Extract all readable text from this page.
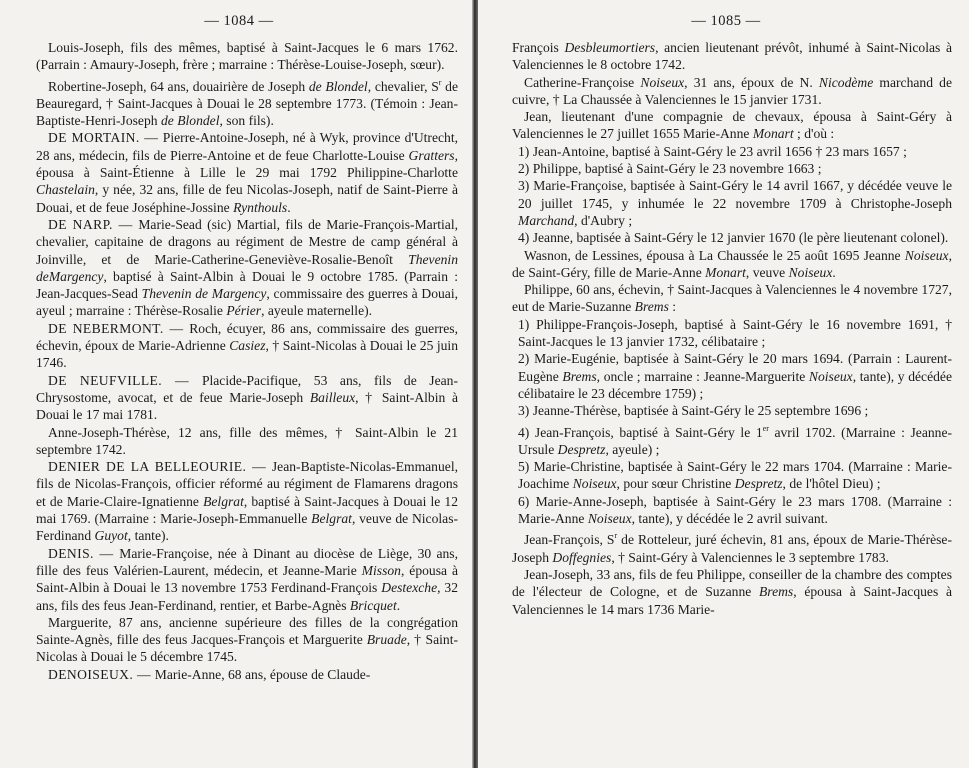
— 1084 —

Louis-Joseph, fils des mêmes, baptisé à Saint-Jacques le 6 mars 1762. (Parrain : Amaury-Joseph, frère ; marraine : Thérèse-Louise-Joseph, sœur).

Robertine-Joseph, 64 ans, douairière de Joseph de Blondel, chevalier, $S^r$ de Beauregard, † Saint-Jacques à Douai le 28 septembre 1773. (Témoin : Jean-Baptiste-Henri-Joseph de Blondel, son fils).

DE MORTAIN. — Pierre-Antoine-Joseph, né à Wyk, province d'Utrecht, 28 ans, médecin, fils de Pierre-Antoine et de feue Charlotte-Louise Gratters, épousa à Saint-Étienne à Lille le 29 mai 1792 Philippine-Charlotte Chastelain, y née, 32 ans, fille de feu Nicolas-Joseph, natif de Saint-Pierre à Douai, et de feue Joséphine-Jossine Rynthouls.

DE NARP. — Marie-Sead (sic) Martial, fils de Marie-François-Martial, chevalier, capitaine de dragons au régiment de Mestre de camp général à Joinville, et de Marie-Catherine-Geneviève-Rosalie-Benoît Thevenin deMargency, baptisé à Saint-Albin à Douai le 9 octobre 1785. (Parrain : Jean-Jacques-Sead Thevenin de Margency, commissaire des guerres à Douai, ayeul ; marraine : Thérèse-Rosalie Périer, ayeule maternelle).

DE NEBERMONT. — Roch, écuyer, 86 ans, commissaire des guerres, échevin, époux de Marie-Adrienne Casiez, † Saint-Nicolas à Douai le 25 juin 1746.

DE NEUFVILLE. — Placide-Pacifique, 53 ans, fils de Jean-Chrysostome, avocat, et de feue Marie-Joseph Bailleux, † Saint-Albin à Douai le 17 mai 1781.

Anne-Joseph-Thérèse, 12 ans, fille des mêmes, † Saint-Albin le 21 septembre 1742.

DENIER DE LA BELLEOURIE. — Jean-Baptiste-Nicolas-Emmanuel, fils de Nicolas-François, officier réformé au régiment de Flamarens dragons et de Marie-Claire-Ignatienne Belgrat, baptisé à Saint-Jacques à Douai le 12 mai 1769. (Marraine : Marie-Joseph-Emmanuelle Belgrat, veuve de Nicolas-Ferdinand Guyot, tante).

DENIS. — Marie-Françoise, née à Dinant au diocèse de Liège, 30 ans, fille des feus Valérien-Laurent, médecin, et Jeanne-Marie Misson, épousa à Saint-Albin à Douai le 13 novembre 1753 Ferdinand-François Destexche, 32 ans, fils des feus Jean-Ferdinand, rentier, et Barbe-Agnès Bricquet.

Marguerite, 87 ans, ancienne supérieure des filles de la congrégation Sainte-Agnès, fille des feus Jacques-François et Marguerite Bruade, † Saint-Nicolas à Douai le 5 décembre 1745.

DENOISEUX. — Marie-Anne, 68 ans, épouse de Claude-

— 1085 —

François Desbleumortiers, ancien lieutenant prévôt, inhumé à Saint-Nicolas à Valenciennes le 8 octobre 1742.

Catherine-Françoise Noiseux, 31 ans, époux de N. Nicodème marchand de cuivre, † La Chaussée à Valenciennes le 15 janvier 1731.

Jean, lieutenant d'une compagnie de chevaux, épousa à Saint-Géry à Valenciennes le 27 juillet 1655 Marie-Anne Monart ; d'où :

1) Jean-Antoine, baptisé à Saint-Géry le 23 avril 1656 † 23 mars 1657 ;

2) Philippe, baptisé à Saint-Géry le 23 novembre 1663 ;

3) Marie-Françoise, baptisée à Saint-Géry le 14 avril 1667, y décédée veuve le 20 juillet 1745, y inhumée le 22 novembre 1709 à Christophe-Joseph Marchand, d'Aubry ;

4) Jeanne, baptisée à Saint-Géry le 12 janvier 1670 (le père lieutenant colonel).

Wasnon, de Lessines, épousa à La Chaussée le 25 août 1695 Jeanne Noiseux, de Saint-Géry, fille de Marie-Anne Monart, veuve Noiseux.

Philippe, 60 ans, échevin, † Saint-Jacques à Valenciennes le 4 novembre 1727, eut de Marie-Suzanne Brems :

1) Philippe-François-Joseph, baptisé à Saint-Géry le 16 novembre 1691, † Saint-Jacques le 13 janvier 1732, célibataire ;

2) Marie-Eugénie, baptisée à Saint-Géry le 20 mars 1694. (Parrain : Laurent-Eugène Brems, oncle ; marraine : Jeanne-Marguerite Noiseux, tante), y décédée célibataire le 23 décembre 1759) ;

3) Jeanne-Thérèse, baptisée à Saint-Géry le 25 septembre 1696 ;

4) Jean-François, baptisé à Saint-Géry le 1er avril 1702. (Marraine : Jeanne-Ursule Despretz, ayeule) ;

5) Marie-Christine, baptisée à Saint-Géry le 22 mars 1704. (Marraine : Marie-Joachime Noiseux, pour sœur Christine Despretz, de l'hôtel Dieu) ;

6) Marie-Anne-Joseph, baptisée à Saint-Géry le 23 mars 1708. (Marraine : Marie-Anne Noiseux, tante), y décédée le 2 avril suivant.

Jean-François, $S^r$ de Rotteleur, juré échevin, 81 ans, époux de Marie-Thérèse-Joseph Doffegnies, † Saint-Géry à Valenciennes le 3 septembre 1783.

Jean-Joseph, 33 ans, fils de feu Philippe, conseiller de la chambre des comptes de l'électeur de Cologne, et de Suzanne Brems, épousa à Saint-Jacques à Valenciennes le 14 mars 1736 Marie-
